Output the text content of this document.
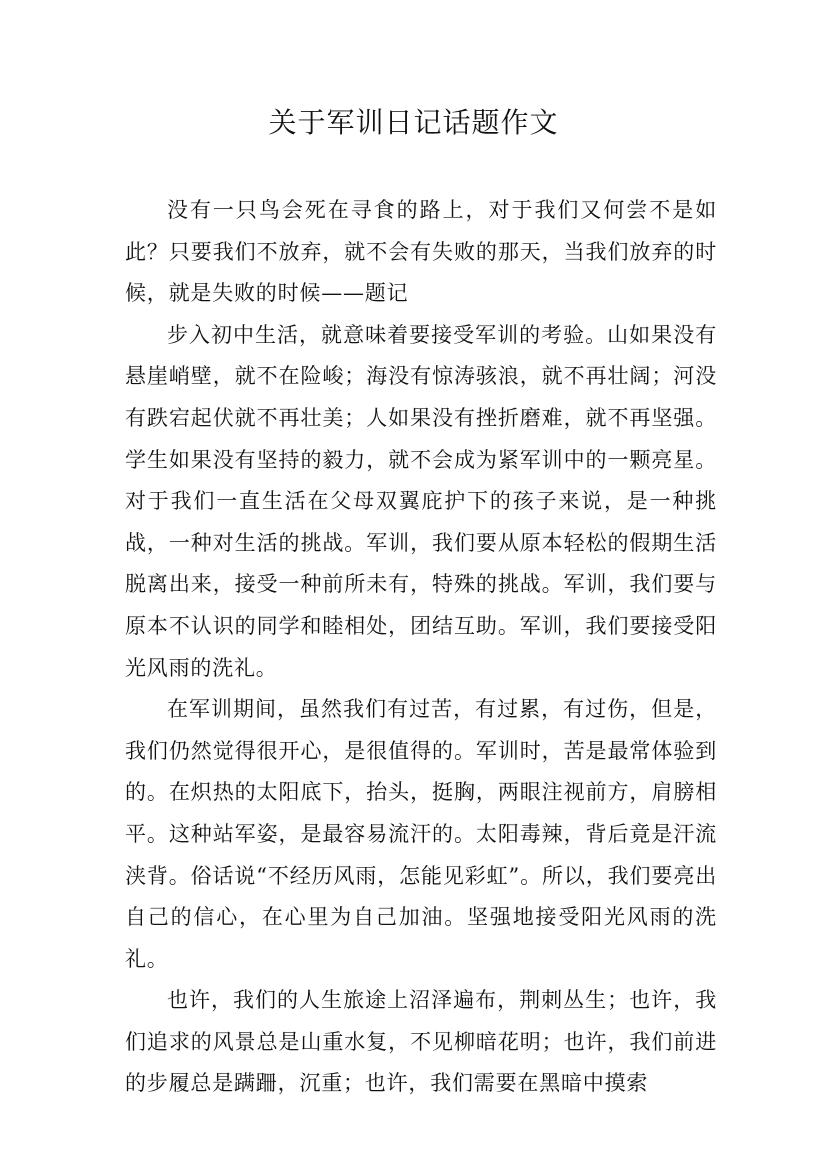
关于军训日记话题作文

没有一只鸟会死在寻食的路上，对于我们又何尝不是如此？只要我们不放弃，就不会有失败的那天，当我们放弃的时候，就是失败的时候——题记

步入初中生活，就意味着要接受军训的考验。山如果没有悬崖峭壁，就不在险峻；海没有惊涛骇浪，就不再壮阔；河没有跌宕起伏就不再壮美；人如果没有挫折磨难，就不再坚强。学生如果没有坚持的毅力，就不会成为紧军训中的一颗亮星。对于我们一直生活在父母双翼庇护下的孩子来说，是一种挑战，一种对生活的挑战。军训，我们要从原本轻松的假期生活脱离出来，接受一种前所未有，特殊的挑战。军训，我们要与原本不认识的同学和睦相处，团结互助。军训，我们要接受阳光风雨的洗礼。

在军训期间，虽然我们有过苦，有过累，有过伤，但是，我们仍然觉得很开心，是很值得的。军训时，苦是最常体验到的。在炽热的太阳底下，抬头，挺胸，两眼注视前方，肩膀相平。这种站军姿，是最容易流汗的。太阳毒辣，背后竟是汗流浃背。俗话说“不经历风雨，怎能见彩虹”。所以，我们要亮出自己的信心，在心里为自己加油。坚强地接受阳光风雨的洗礼。

也许，我们的人生旅途上沼泽遍布，荆刺丛生；也许，我们追求的风景总是山重水复，不见柳暗花明；也许，我们前进的步履总是蹒跚，沉重；也许，我们需要在黑暗中摸索
